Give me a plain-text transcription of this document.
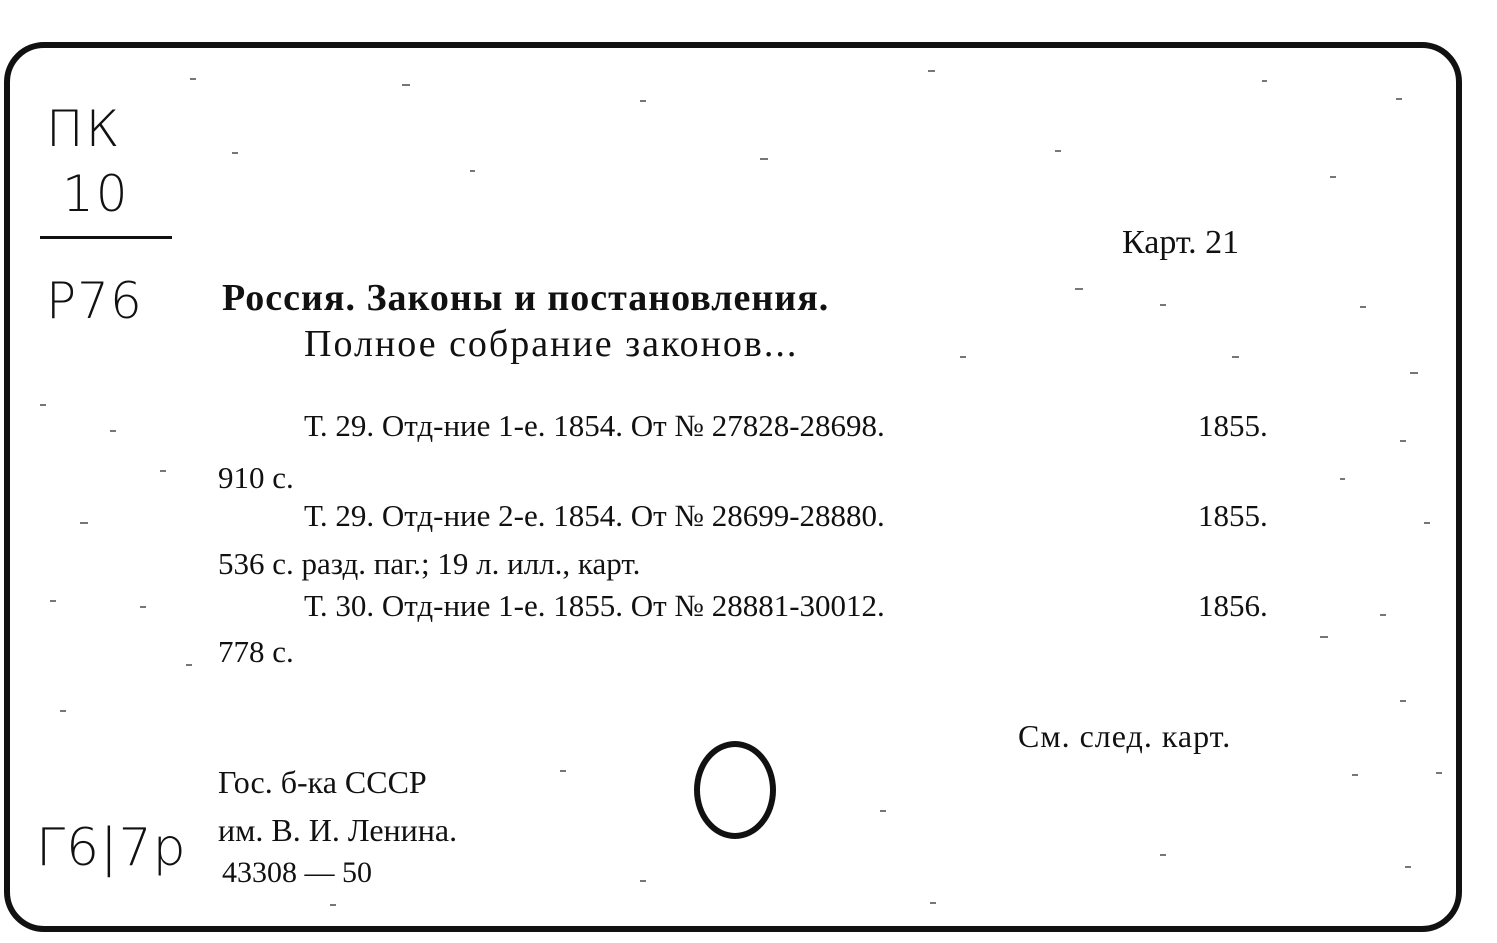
ПК
10
Р76
Карт. 21
Россия. Законы и постановления.
Полное собрание законов...
Т. 29. Отд-ние 1-е. 1854. От № 27828-28698.	1855.
910 с.
Т. 29. Отд-ние 2-е. 1854. От № 28699-28880.	1855.
536 с. разд. паг.; 19 л. илл., карт.
Т. 30. Отд-ние 1-е. 1855. От № 28881-30012.	1856.
778 с.
См. след. карт.
Гос. б-ка СССР
им. В. И. Ленина.
43308 — 50
Г6|7р
